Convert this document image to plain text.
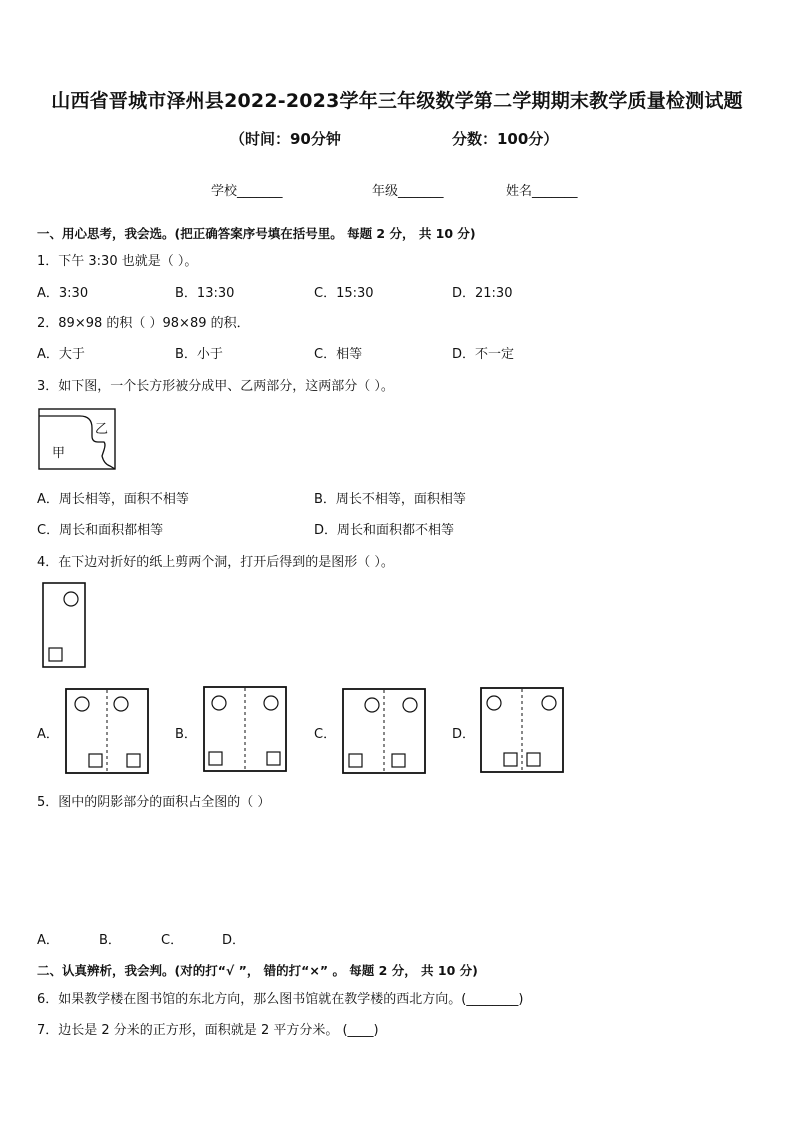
山西省晋城市泽州县2022-2023学年三年级数学第二学期期末教学质量检测试题
（时间：90分钟	分数：100分）
学校_______	年级_______	姓名_______
一、用心思考，我会选。(把正确答案序号填在括号里。 每题 2 分， 共 10 分)
1．下午 3:30 也就是（ ）。
A．3:30	B．13:30	C．15:30	D．21:30
2．89×98 的积（ ）98×89 的积．
A．大于	B．小于	C．相等	D．不一定
3．如下图，一个长方形被分成甲、乙两部分，这两部分（ ）。
乙
甲
A．周长相等，面积不相等	B．周长不相等，面积相等
C．周长和面积都相等	D．周长和面积都不相等
4．在下边对折好的纸上剪两个洞，打开后得到的是图形（ ）。
A．	B．	C．	D．
5．图中的阴影部分的面积占全图的（ ）
A．	B．	C．	D．
二、认真辨析，我会判。(对的打“√ ”， 错的打“×” 。 每题 2 分， 共 10 分)
6．如果教学楼在图书馆的东北方向，那么图书馆就在教学楼的西北方向。(________)
7．边长是 2 分米的正方形，面积就是 2 平方分米。 (____)
